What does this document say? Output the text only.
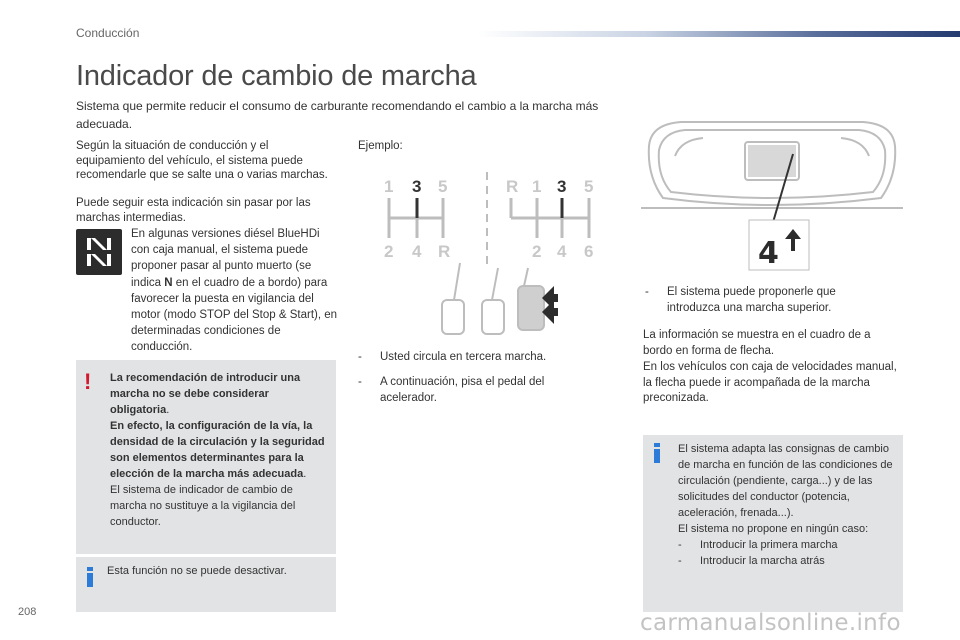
Conducción
Indicador de cambio de marcha
Sistema que permite reducir el consumo de carburante recomendando el cambio a la marcha más adecuada.
Según la situación de conducción y el equipamiento del vehículo, el sistema puede recomendarle que se salte una o varias marchas.
Puede seguir esta indicación sin pasar por las marchas intermedias.
En algunas versiones diésel BlueHDi con caja manual, el sistema puede proponer pasar al punto muerto (se indica N en el cuadro de a bordo) para favorecer la puesta en vigilancia del motor (modo STOP del Stop & Start), en determinadas condiciones de conducción.
!	La recomendación de introducir una marcha no se debe considerar obligatoria.
En efecto, la configuración de la vía, la densidad de la circulación y la seguridad son elementos determinantes para la elección de la marcha más adecuada.
El sistema de indicador de cambio de marcha no sustituye a la vigilancia del conductor.
Esta función no se puede desactivar.
Ejemplo:
1 3 5
2 4 R
R 1 3 5
2 4 6
-	Usted circula en tercera marcha.
-	A continuación, pisa el pedal del acelerador.
4
-	El sistema puede proponerle que introduzca una marcha superior.
La información se muestra en el cuadro de a bordo en forma de flecha.
En los vehículos con caja de velocidades manual, la flecha puede ir acompañada de la marcha preconizada.
El sistema adapta las consignas de cambio de marcha en función de las condiciones de circulación (pendiente, carga...) y de las solicitudes del conductor (potencia, aceleración, frenada...).
El sistema no propone en ningún caso:
-	Introducir la primera marcha
-	Introducir la marcha atrás
208	carmanualsonline.info
